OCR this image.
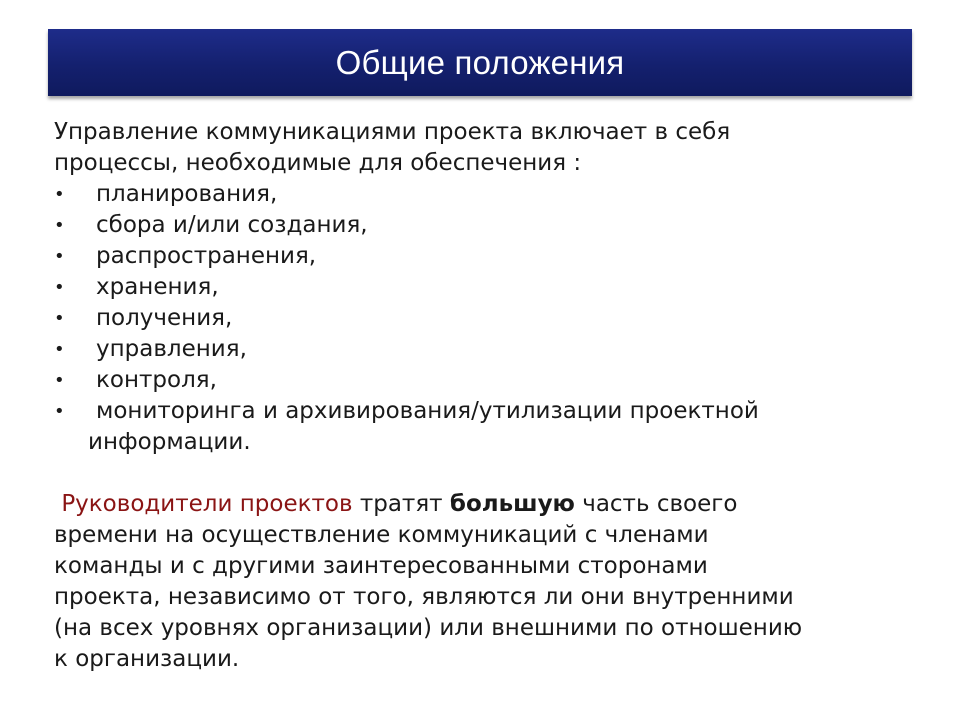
Общие положения
Управление коммуникациями проекта включает в себя
процессы, необходимые для обеспечения :
•	планирования,
•	сбора и/или создания,
•	распространения,
•	хранения,
•	получения,
•	управления,
•	контроля,
•	мониторинга и архивирования/утилизации проектной
информации.
Руководители проектов тратят большую часть своего
времени на осуществление коммуникаций с членами
команды и с другими заинтересованными сторонами
проекта, независимо от того, являются ли они внутренними
(на всех уровнях организации) или внешними по отношению
к организации.
